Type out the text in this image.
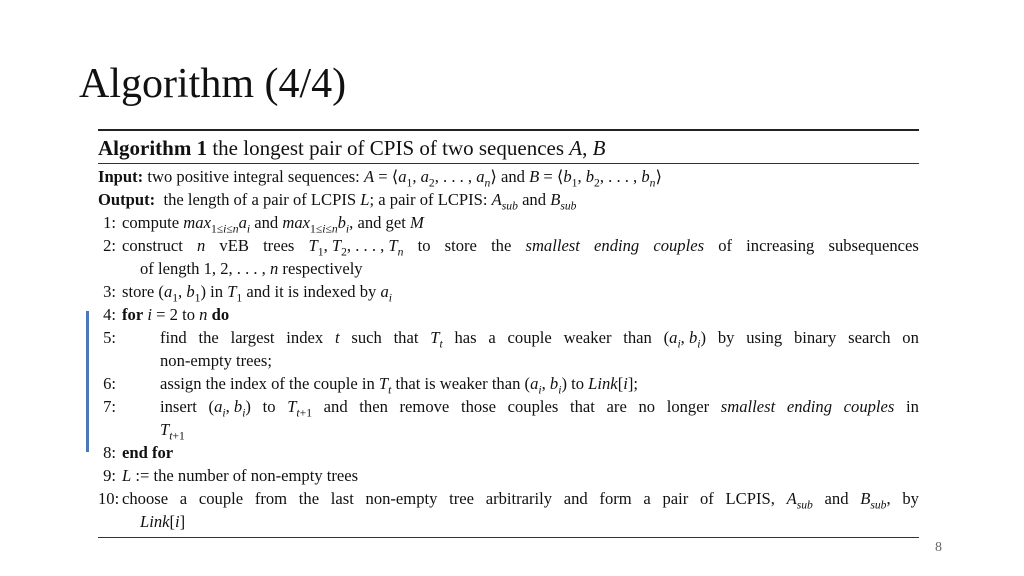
Algorithm (4/4)
Algorithm 1 the longest pair of CPIS of two sequences A, B
Input: two positive integral sequences: $A = ⟨a_1$, $a_2$, . . . , $a_n⟩$ and $B = ⟨b_1$, $b_2$, . . . , $b_n⟩$
Output:  the length of a pair of LCPIS L; a pair of LCPIS: $A_{sub}$ and $B_{sub}$
1: compute $\max_{1\le i\le n}a_i$ and $\max_{1\le i\le n}b_i$, and get M
2: construct n vEB trees $T_1$, $T_2$, . . . , $T_n$ to store the smallest ending couples of increasing subsequences
of length 1, 2, . . . , n respectively
3: store ($a_1$, $b_1$) in $T_1$ and it is indexed by $a_i$
4: for i = 2 to n do
5:	find the largest index t such that $T_t$ has a couple weaker than ($a_i$, $b_i$) by using binary search on
non-empty trees;
6:	assign the index of the couple in $T_t$ that is weaker than ($a_i$, $b_i$) to Link[i];
7:	insert ($a_i$, $b_i$) to $T_{t+1}$ and then remove those couples that are no longer smallest ending couples in
$T_{t+1}$
8: end for
9: L := the number of non-empty trees
10: choose a couple from the last non-empty tree arbitrarily and form a pair of LCPIS, $A_{sub}$ and $B_{sub}$, by
Link[i]
8
